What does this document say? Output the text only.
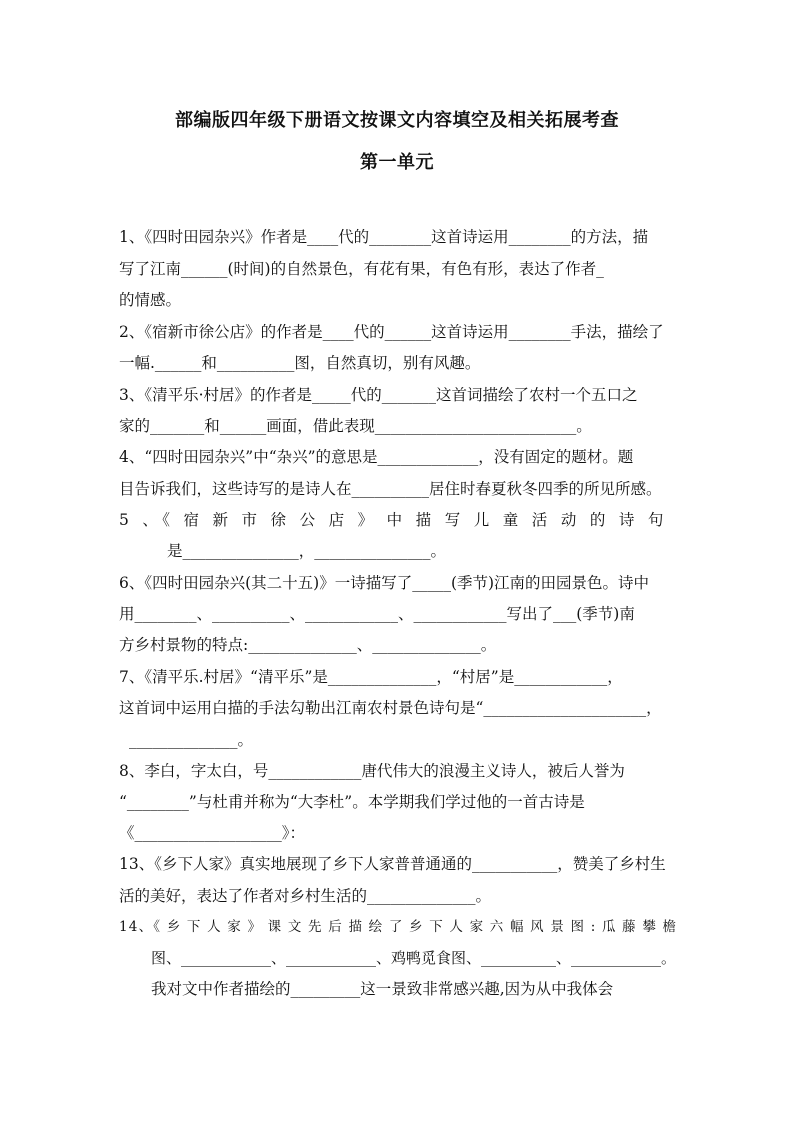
部编版四年级下册语文按课文内容填空及相关拓展考查
第一单元
1、《四时田园杂兴》作者是____代的________这首诗运用________的方法，描
写了江南______(时间)的自然景色，有花有果，有色有形，表达了作者_
的情感。
2、《宿新市徐公店》的作者是____代的______这首诗运用________手法，描绘了
一幅.______和__________图，自然真切，别有风趣。
3、《清平乐·村居》的作者是_____代的_______这首词描绘了农村一个五口之
家的_______和______画面，借此表现__________________________。
4、“四时田园杂兴”中“杂兴”的意思是_____________，没有固定的题材。题
目告诉我们，这些诗写的是诗人在__________居住时春夏秋冬四季的所见所感。
5 、《 宿 新 市 徐 公 店 》 中 描 写 儿 童 活 动 的 诗 句
是_______________，_______________。
6、《四时田园杂兴(其二十五)》一诗描写了_____(季节)江南的田园景色。诗中
用________、__________、____________、____________写出了___(季节)南
方乡村景物的特点:______________、______________。
7、《清平乐.村居》“清平乐”是______________，“村居”是____________，
这首词中运用白描的手法勾勒出江南农村景色诗句是“_____________________，
______________。
8、李白，字太白，号____________唐代伟大的浪漫主义诗人，被后人誉为
“________”与杜甫并称为“大李杜”。本学期我们学过他的一首古诗是
《___________________》：
13、《乡下人家》真实地展现了乡下人家普普通通的___________，赞美了乡村生
活的美好，表达了作者对乡村生活的______________。
14、《 乡 下 人 家 》 课 文 先 后 描 绘 了 乡 下 人 家 六 幅 风 景 图 : 瓜 藤 攀 檐
图、____________、____________、鸡鸭觅食图、__________、____________。
我对文中作者描绘的_________这一景致非常感兴趣,因为从中我体会
